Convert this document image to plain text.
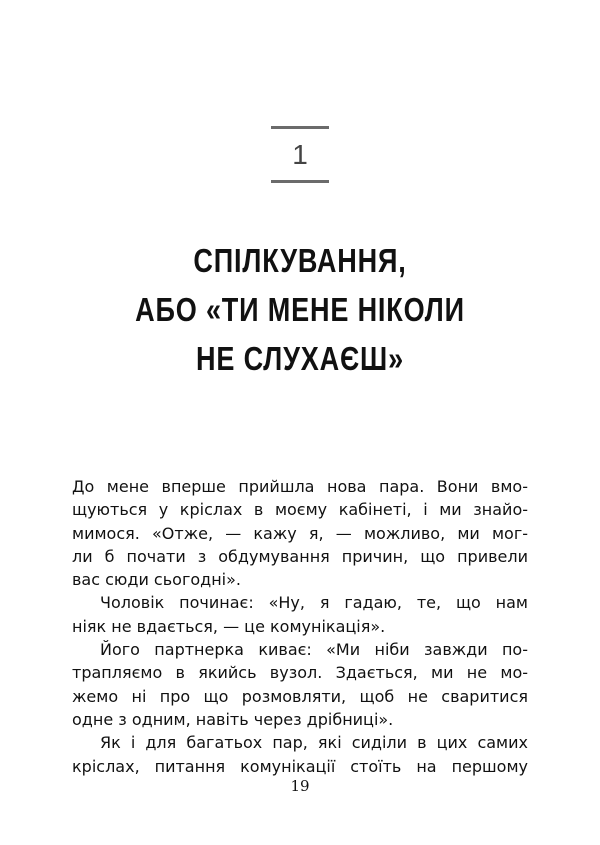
1
СПІЛКУВАННЯ,
АБО «ТИ МЕНЕ НІКОЛИ
НЕ СЛУХАЄШ»
До мене вперше прийшла нова пара. Вони вмо-
щуються у кріслах в моєму кабінеті, і ми знайо-
мимося. «Отже, — кажу я, — можливо, ми мог-
ли б почати з обдумування причин, що привели
вас сюди сьогодні».
Чоловік починає: «Ну, я гадаю, те, що нам
ніяк не вдається, — це комунікація».
Його партнерка киває: «Ми ніби завжди по-
трапляємо в якийсь вузол. Здається, ми не мо-
жемо ні про що розмовляти, щоб не сваритися
одне з одним, навіть через дрібниці».
Як і для багатьох пар, які сиділи в цих самих
кріслах, питання комунікації стоїть на першому
19
